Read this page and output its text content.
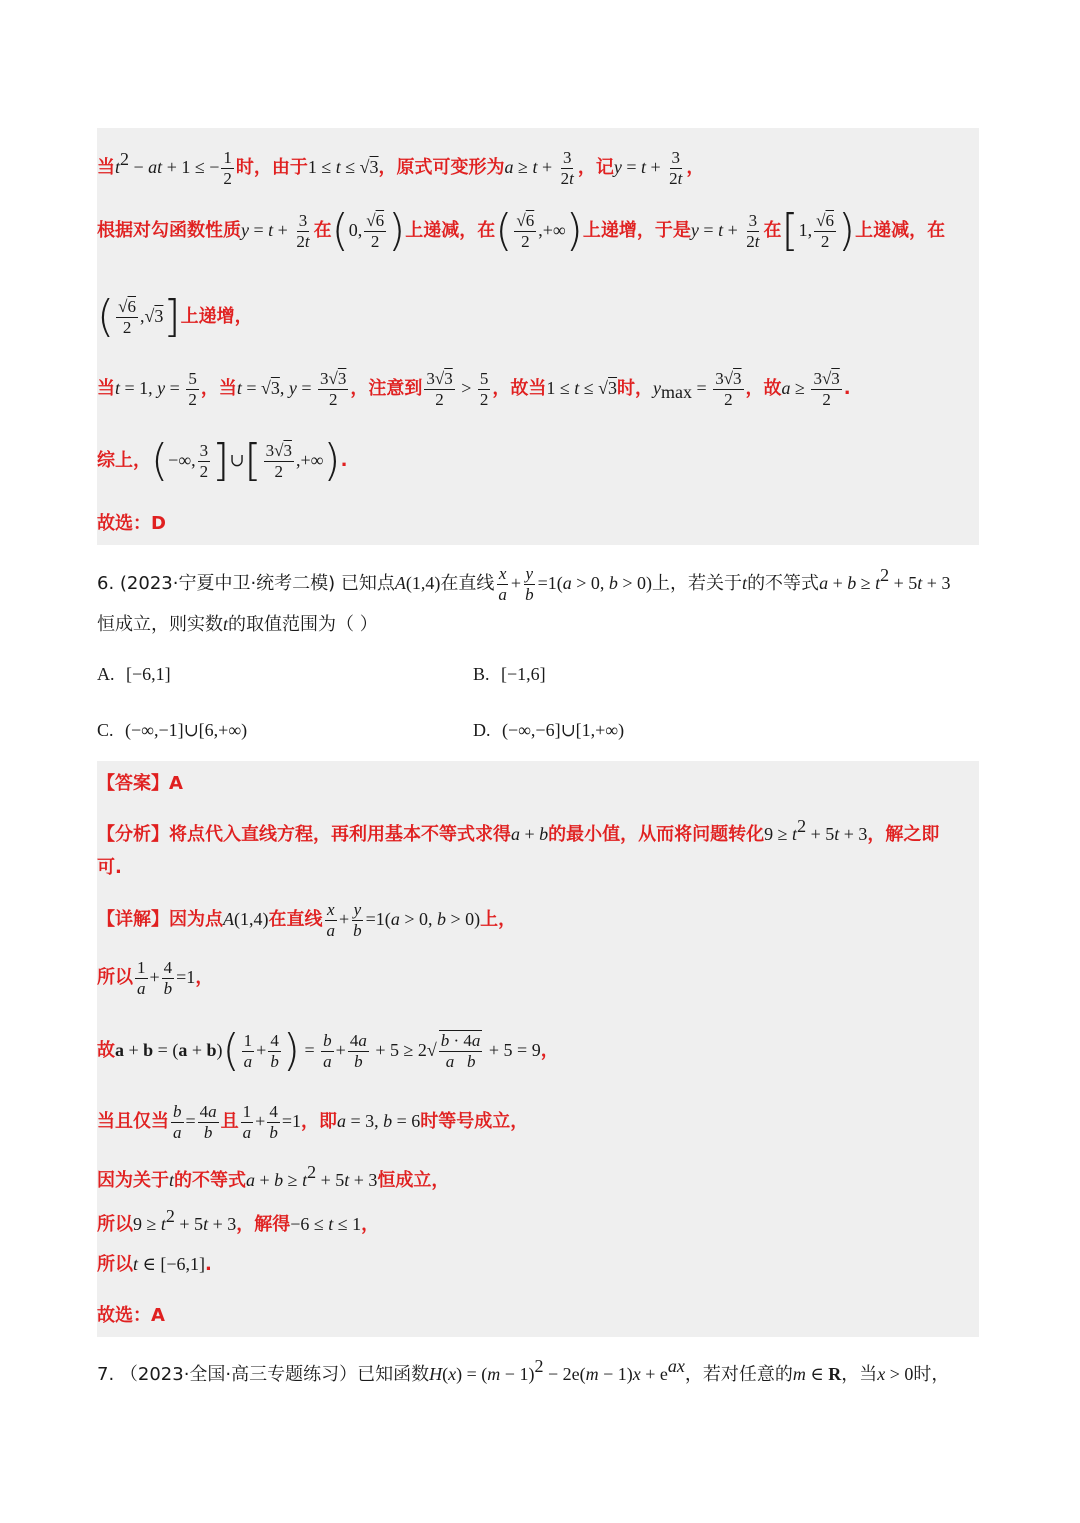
当$t^2$ − at + 1 ≤ − $\frac{1}{2}$ 时，由于1 ≤ t ≤ √3，原式可变形为$a \ge t + \frac{3}{2t}$ ，记$y = t + \frac{3}{2t}$ ，
根据对勾函数性质$y = t + \frac{3}{2t}$ 在(0, $\frac{√6}{2}$ )上递减，在( $\frac{√6}{2}$ ,+∞)上递增，于是$y = t + \frac{3}{2t}$ 在[1, $\frac{√6}{2}$ )上递减，在
( $\frac{√6}{2} ,√3$]上递增，
当t = 1, $y = \frac{5}{2}$ ，当t = √3, $y = \frac{3√3}{2}$ ，注意到 $\frac{3√3}{2} > \frac{5}{2}$ ，故当1 ≤ t ≤ √3时，$y_{max} = \frac{3√3}{2}$ ，故$a \ge \frac{3√3}{2}$ .
综上，(−∞, $\frac{3}{2}$ ]∪[ $\frac{3√3}{2}$ ,+∞).
故选：D
6. (2023·宁夏中卫·统考二模) 已知点A(1,4)在直线 $\frac{x}{a} + \frac{y}{b} =1(a > 0$, b > 0)上，若关于t的不等式$a + b \ge t^2 + 5t + 3$
恒成立，则实数t的取值范围为（ ）
A. [−6,1]	B. [−1,6]
C. (−∞,−1]∪[6,+∞)	D. (−∞,−6]∪[1,+∞)
【答案】A
【分析】将点代入直线方程，再利用基本不等式求得a + b的最小值，从而将问题转化$9 \ge t^2 + 5t + 3$，解之即
可.
【详解】因为点A(1,4)在直线 $\frac{x}{a} + \frac{y}{b} =1(a > 0$, b > 0)上，
所以 $\frac{1}{a} + \frac{4}{b} =1$，
故$a + b = (a + b)( \frac{1}{a} + \frac{4}{b}$ ) = $\frac{b}{a} + \frac{4a}{b} + 5 \ge 2√ \frac{b \cdot 4a}{\text{a b}} + 5 = 9$，
当且仅当 $\frac{b}{a} = \frac{4a}{b}$ 且 $\frac{1}{a} + \frac{4}{b} =1$，即a = 3, b = 6时等号成立，
因为关于t的不等式$a + b \ge t^2 + 5t + 3$恒成立，
所以$9 \ge t^2 + 5t + 3$，解得−6 ≤ t ≤ 1，
所以t ∈ [−6,1].
故选：A
7. （2023·全国·高三专题练习）已知函数$H(x) = (m - 1)^2 - 2e(m - 1)x + e^{ax}$，若对任意的m ∈ R，当x > 0时，
